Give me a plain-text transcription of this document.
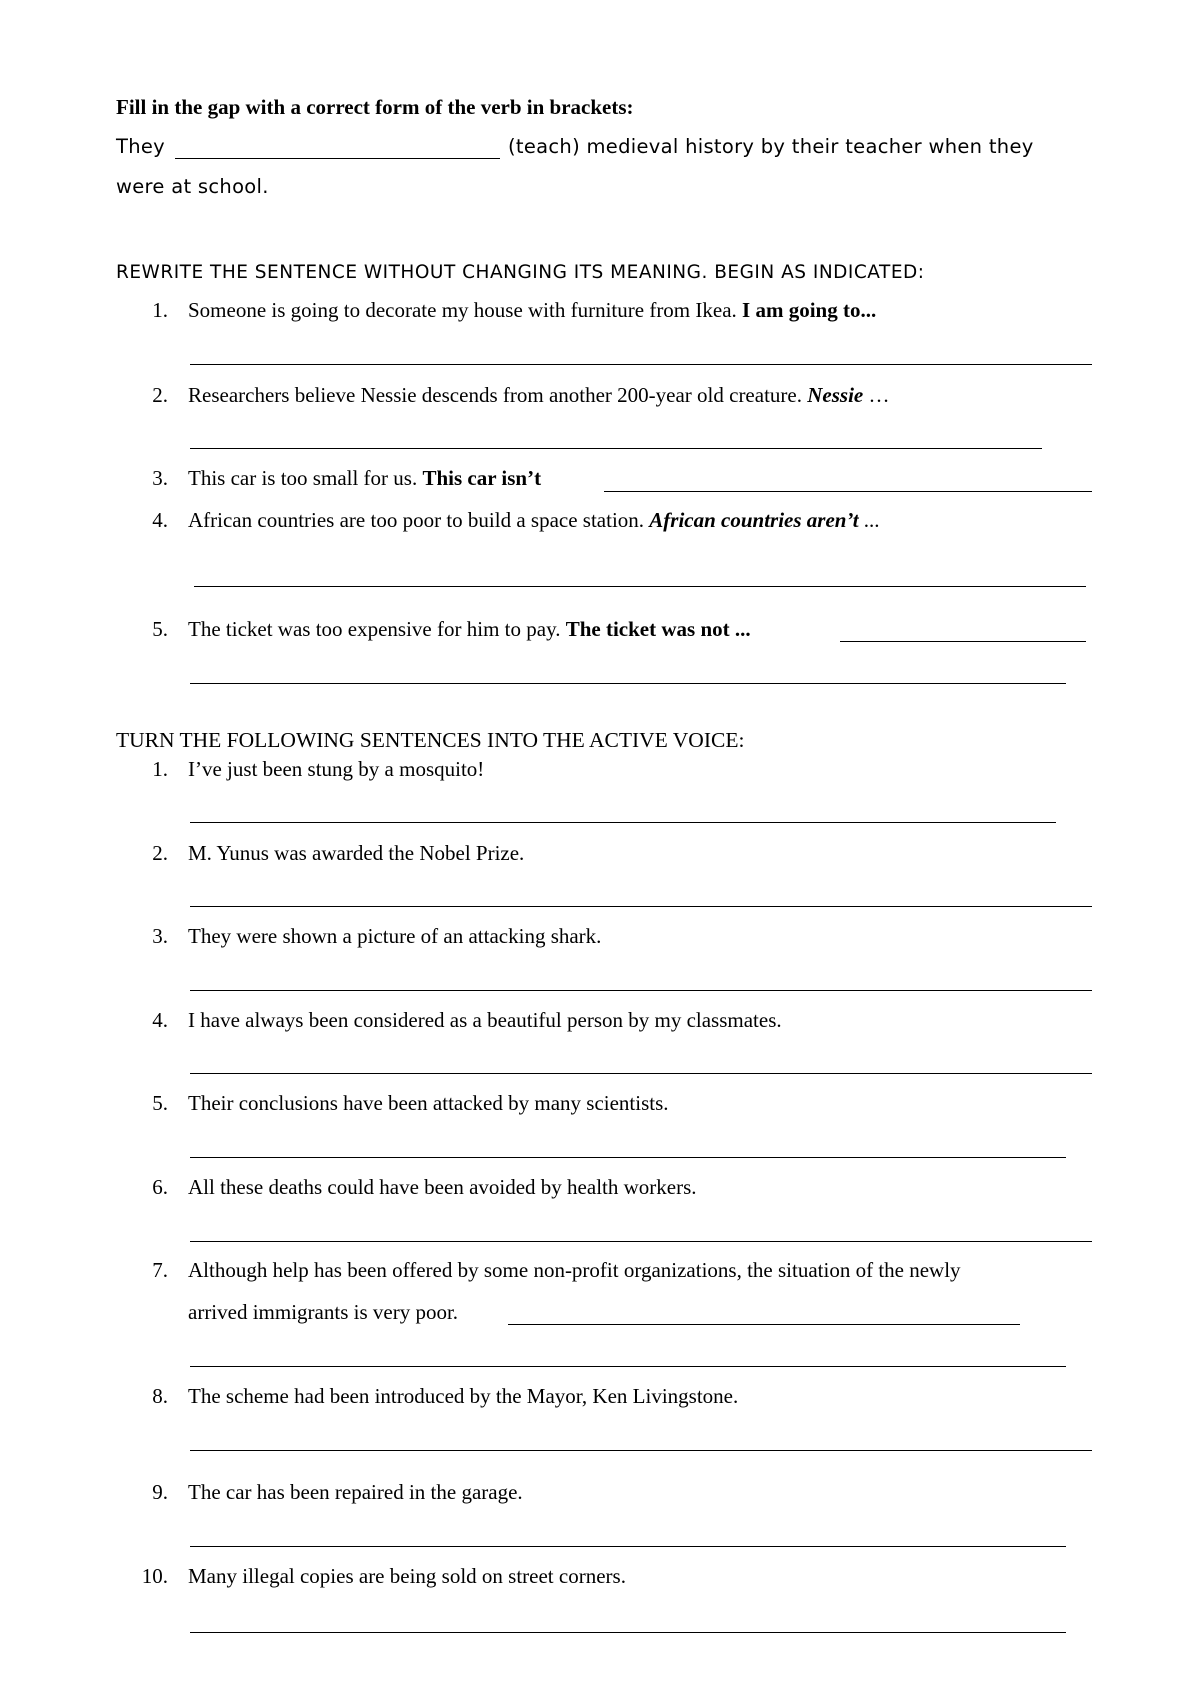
Fill in the gap with a correct form of the verb in brackets:
They	(teach) medieval history by their teacher when they
were at school.
REWRITE THE SENTENCE WITHOUT CHANGING ITS MEANING. BEGIN AS INDICATED:
1. Someone is going to decorate my house with furniture from Ikea. I am going to...
2. Researchers believe Nessie descends from another 200-year old creature. Nessie …
3. This car is too small for us. This car isn’t
4. African countries are too poor to build a space station. African countries aren’t ...
5. The ticket was too expensive for him to pay. The ticket was not ...
TURN THE FOLLOWING SENTENCES INTO THE ACTIVE VOICE:
1. I’ve just been stung by a mosquito!
2. M. Yunus was awarded the Nobel Prize.
3. They were shown a picture of an attacking shark.
4. I have always been considered as a beautiful person by my classmates.
5. Their conclusions have been attacked by many scientists.
6. All these deaths could have been avoided by health workers.
7. Although help has been offered by some non-profit organizations, the situation of the newly
arrived immigrants is very poor.
8. The scheme had been introduced by the Mayor, Ken Livingstone.
9. The car has been repaired in the garage.
10. Many illegal copies are being sold on street corners.
